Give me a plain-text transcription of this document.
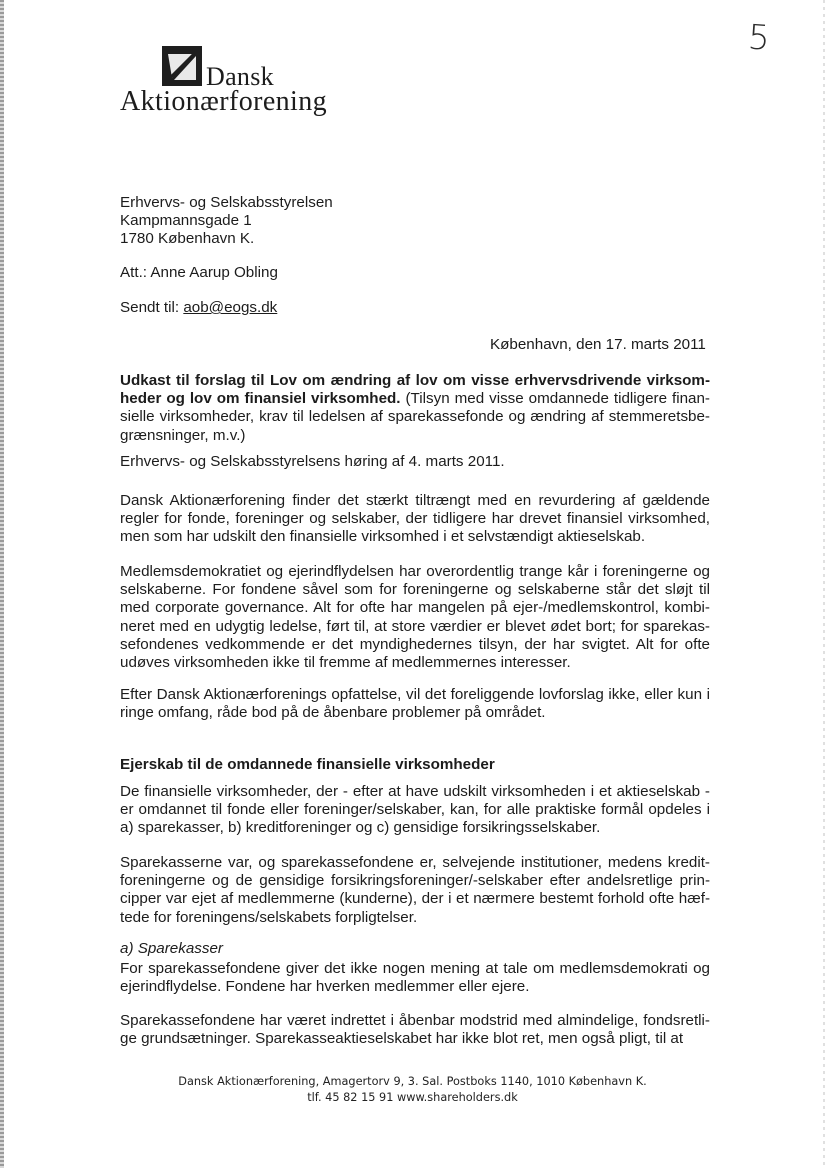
5
Dansk
Aktionærforening
Erhvervs- og Selskabsstyrelsen
Kampmannsgade 1
1780 København K.
Att.: Anne Aarup Obling
Sendt til: aob@eogs.dk
København, den 17. marts 2011
Udkast til forslag til Lov om ændring af lov om visse erhvervsdrivende virksom-
heder og lov om finansiel virksomhed. (Tilsyn med visse omdannede tidligere finan-
sielle virksomheder, krav til ledelsen af sparekassefonde og ændring af stemmeretsbe-
grænsninger, m.v.)
Erhvervs- og Selskabsstyrelsens høring af 4. marts 2011.
Dansk Aktionærforening finder det stærkt tiltrængt med en revurdering af gældende
regler for fonde, foreninger og selskaber, der tidligere har drevet finansiel virksomhed,
men som har udskilt den finansielle virksomhed i et selvstændigt aktieselskab.
Medlemsdemokratiet og ejerindflydelsen har overordentlig trange kår i foreningerne og
selskaberne. For fondene såvel som for foreningerne og selskaberne står det sløjt til
med corporate governance. Alt for ofte har mangelen på ejer-/medlemskontrol, kombi-
neret med en udygtig ledelse, ført til, at store værdier er blevet ødet bort; for sparekas-
sefondenes vedkommende er det myndighedernes tilsyn, der har svigtet. Alt for ofte
udøves virksomheden ikke til fremme af medlemmernes interesser.
Efter Dansk Aktionærforenings opfattelse, vil det foreliggende lovforslag ikke, eller kun i
ringe omfang, råde bod på de åbenbare problemer på området.
Ejerskab til de omdannede finansielle virksomheder
De finansielle virksomheder, der - efter at have udskilt virksomheden i et aktieselskab -
er omdannet til fonde eller foreninger/selskaber, kan, for alle praktiske formål opdeles i
a) sparekasser, b) kreditforeninger og c) gensidige forsikringsselskaber.
Sparekasserne var, og sparekassefondene er, selvejende institutioner, medens kredit-
foreningerne og de gensidige forsikringsforeninger/-selskaber efter andelsretlige prin-
cipper var ejet af medlemmerne (kunderne), der i et nærmere bestemt forhold ofte hæf-
tede for foreningens/selskabets forpligtelser.
a) Sparekasser
For sparekassefondene giver det ikke nogen mening at tale om medlemsdemokrati og
ejerindflydelse. Fondene har hverken medlemmer eller ejere.
Sparekassefondene har været indrettet i åbenbar modstrid med almindelige, fondsretli-
ge grundsætninger. Sparekasseaktieselskabet har ikke blot ret, men også pligt, til at
Dansk Aktionærforening, Amagertorv 9, 3. Sal. Postboks 1140, 1010 København K.
tlf. 45 82 15 91 www.shareholders.dk
